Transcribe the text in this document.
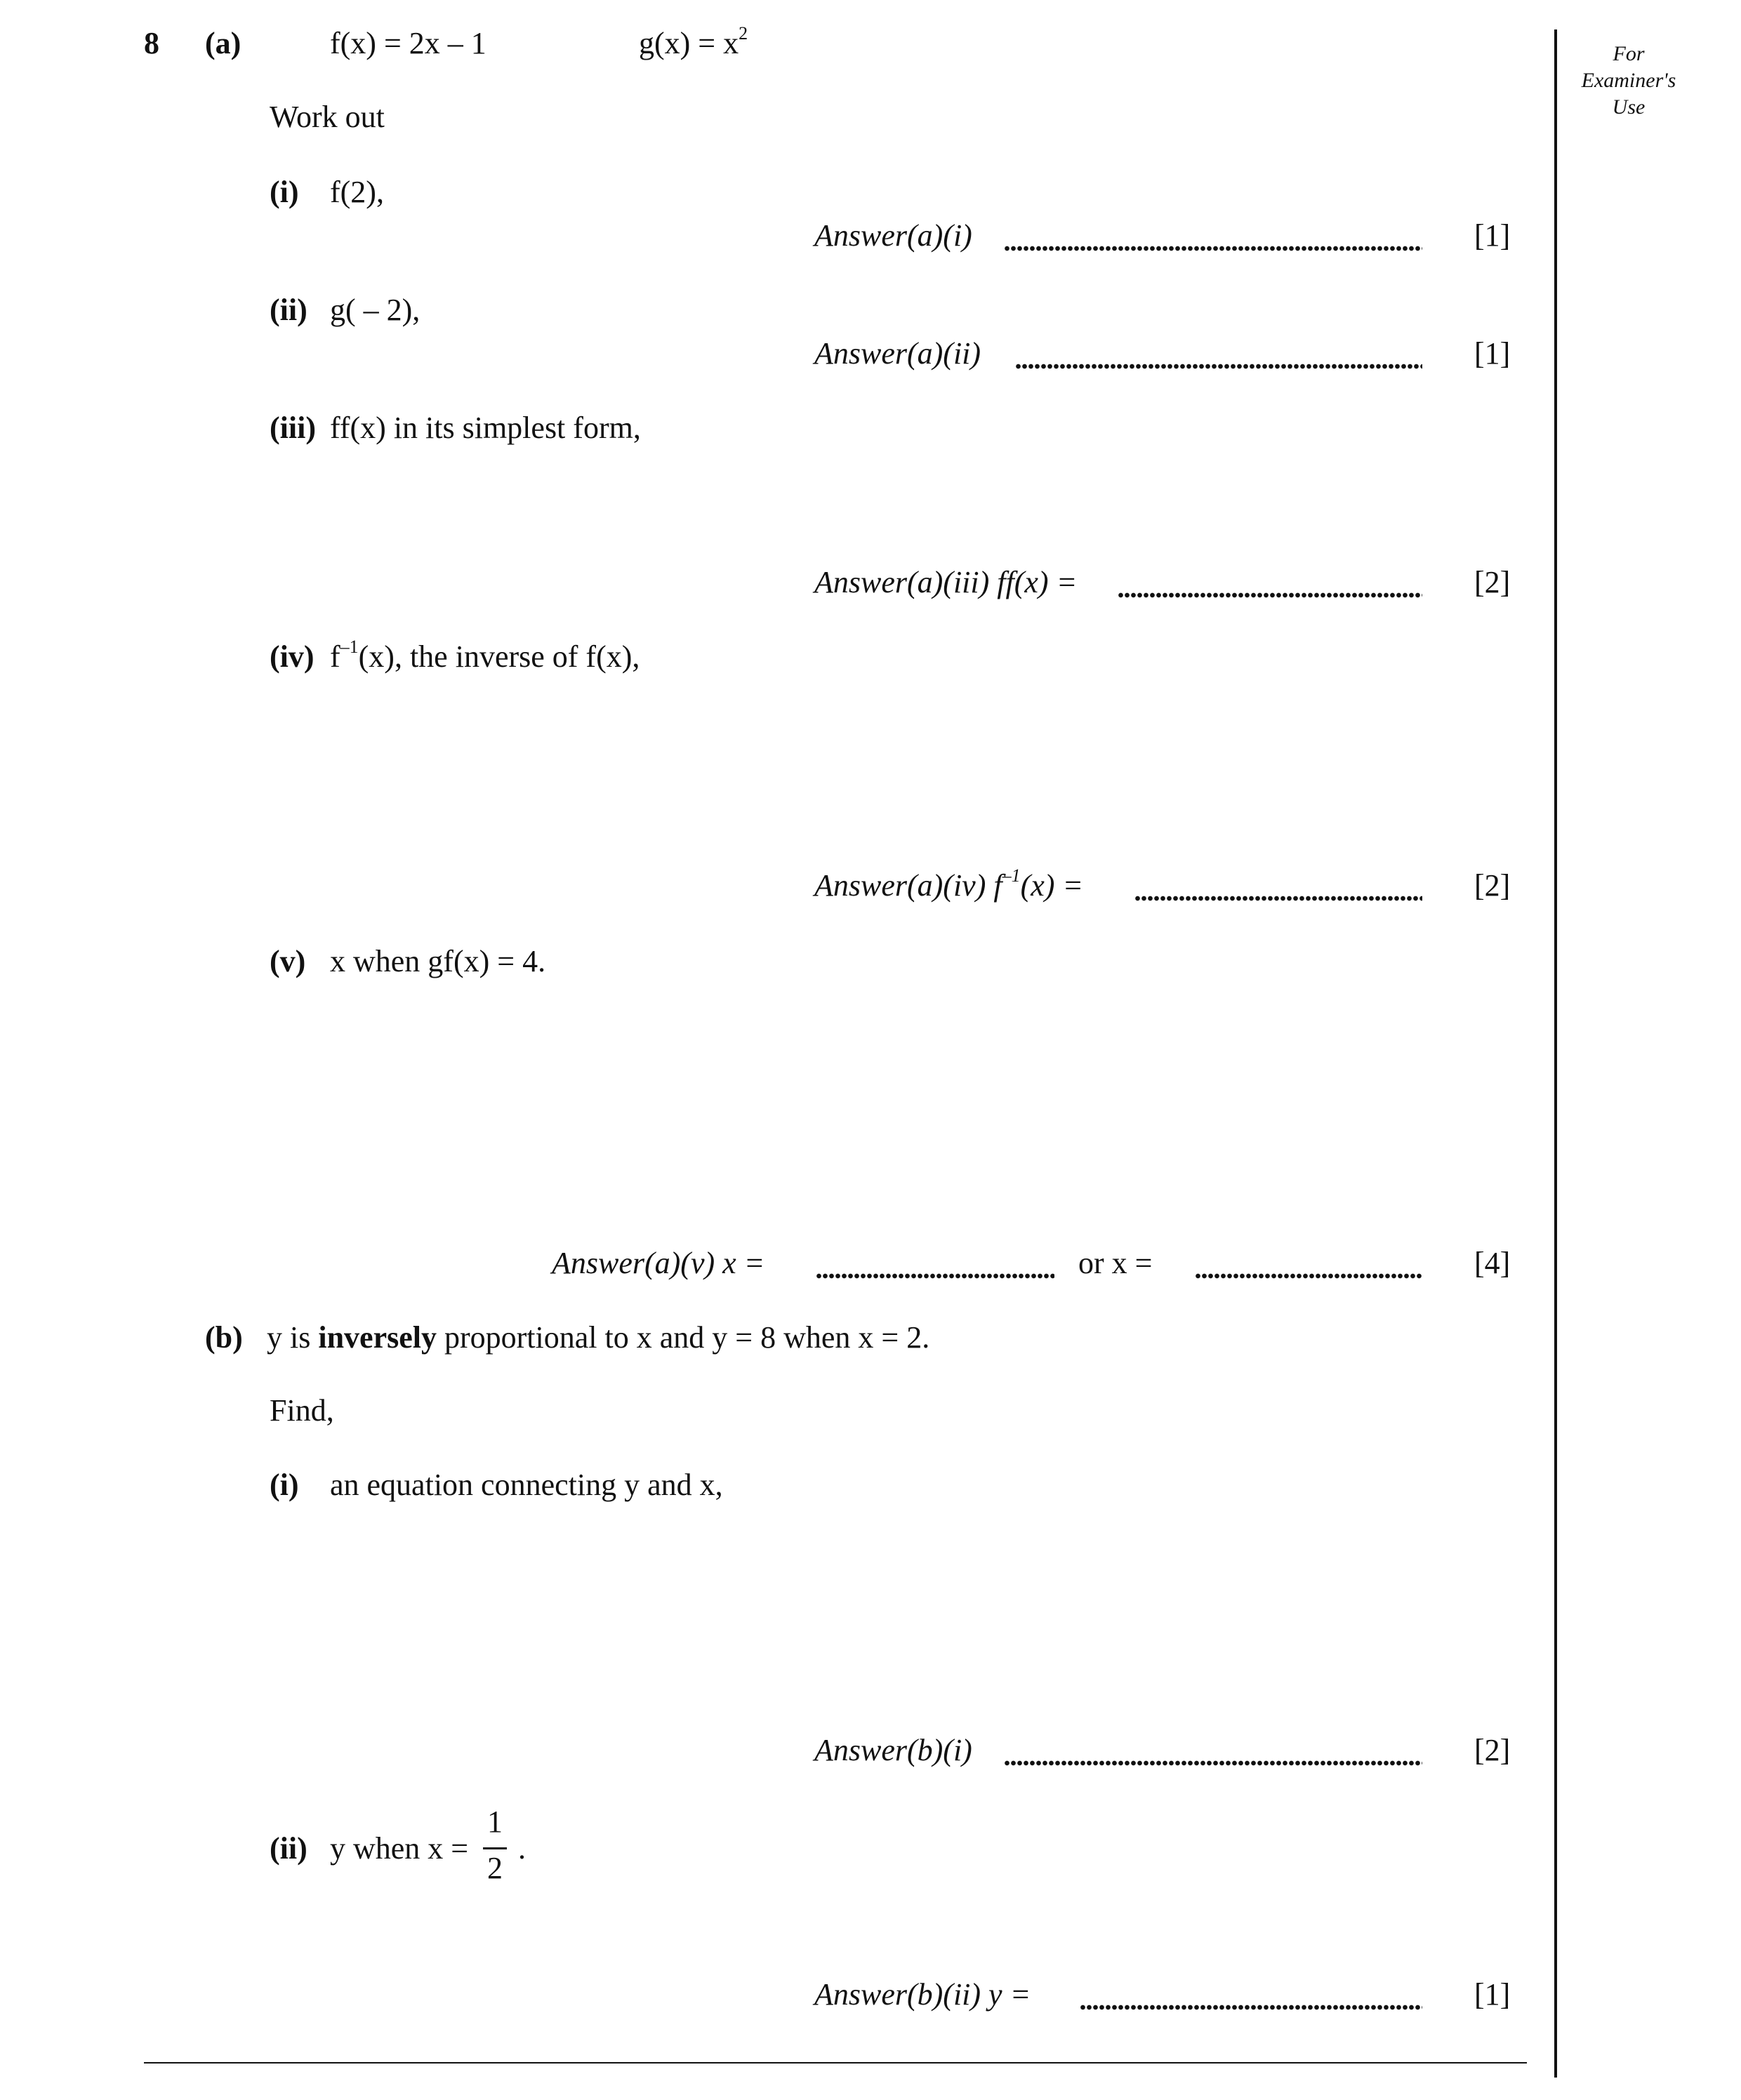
For
Examiner's
Use
8 (a)	f(x) = 2x – 1	$g(x) = x^2$
Work out
(i) f(2),
Answer(a)(i)	[1]
(ii) g( – 2),
Answer(a)(ii)	[1]
(iii) ff(x) in its simplest form,
Answer(a)(iii) ff(x) =	[2]
(iv) $f^{-1}(x)$, the inverse of f(x),
Answer(a)(iv) $f^{-1}(x)$ =	[2]
(v) x when gf(x) = 4.
Answer(a)(v) x =	or x =	[4]
(b) y is inversely proportional to x and y = 8 when x = 2.
Find,
(i) an equation connecting y and x,
Answer(b)(i)	[2]
(ii) y when x =
1
2
.
Answer(b)(ii) y =	[1]
